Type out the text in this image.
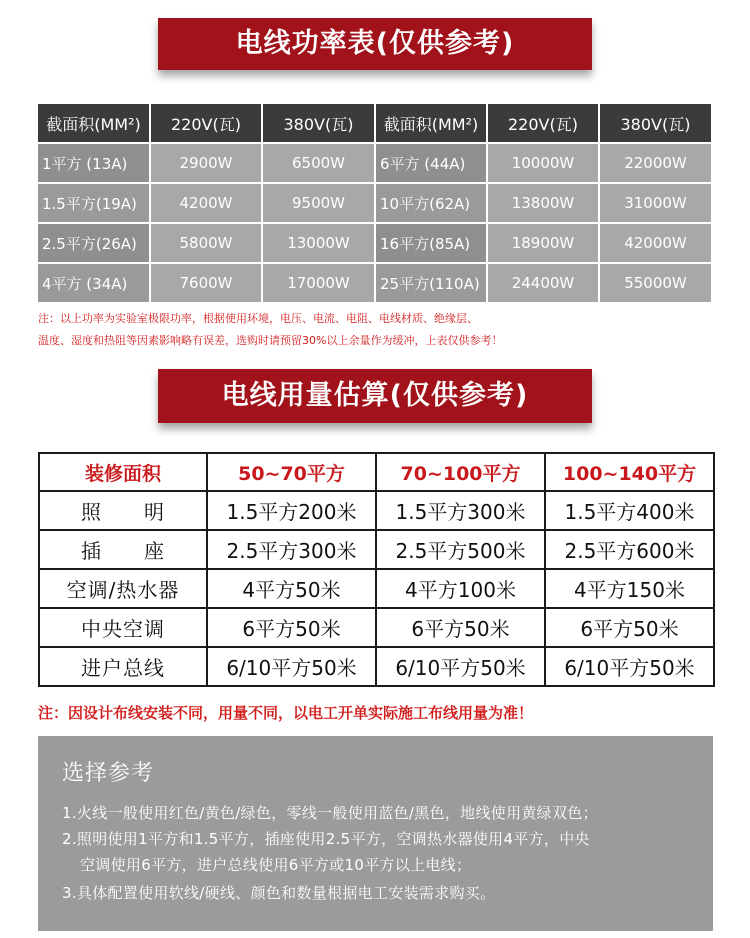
电线功率表(仅供参考)
截面积(MM²)	220V(瓦)	380V(瓦)	截面积(MM²)	220V(瓦)	380V(瓦)
1平方 (13A)	2900W	6500W	6平方 (44A)	10000W	22000W
1.5平方(19A)	4200W	9500W	10平方(62A)	13800W	31000W
2.5平方(26A)	5800W	13000W	16平方(85A)	18900W	42000W
4平方 (34A)	7600W	17000W	25平方(110A)	24400W	55000W
注：以上功率为实验室极限功率，根据使用环境，电压、电流、电阻、电线材质、绝缘层、
温度、湿度和热阻等因素影响略有误差，选购时请预留30%以上余量作为缓冲，上表仅供参考！
电线用量估算(仅供参考)
装修面积	50~70平方	70~100平方	100~140平方
照　　明	1.5平方200米	1.5平方300米	1.5平方400米
插　　座	2.5平方300米	2.5平方500米	2.5平方600米
空调/热水器	4平方50米	4平方100米	4平方150米
中央空调	6平方50米	6平方50米	6平方50米
进户总线	6/10平方50米	6/10平方50米	6/10平方50米
注：因设计布线安装不同，用量不同，以电工开单实际施工布线用量为准！
选择参考
1.火线一般使用红色/黄色/绿色，零线一般使用蓝色/黑色，地线使用黄绿双色；
2.照明使用1平方和1.5平方，插座使用2.5平方，空调热水器使用4平方，中央
空调使用6平方，进户总线使用6平方或10平方以上电线；
3.具体配置使用软线/硬线、颜色和数量根据电工安装需求购买。
